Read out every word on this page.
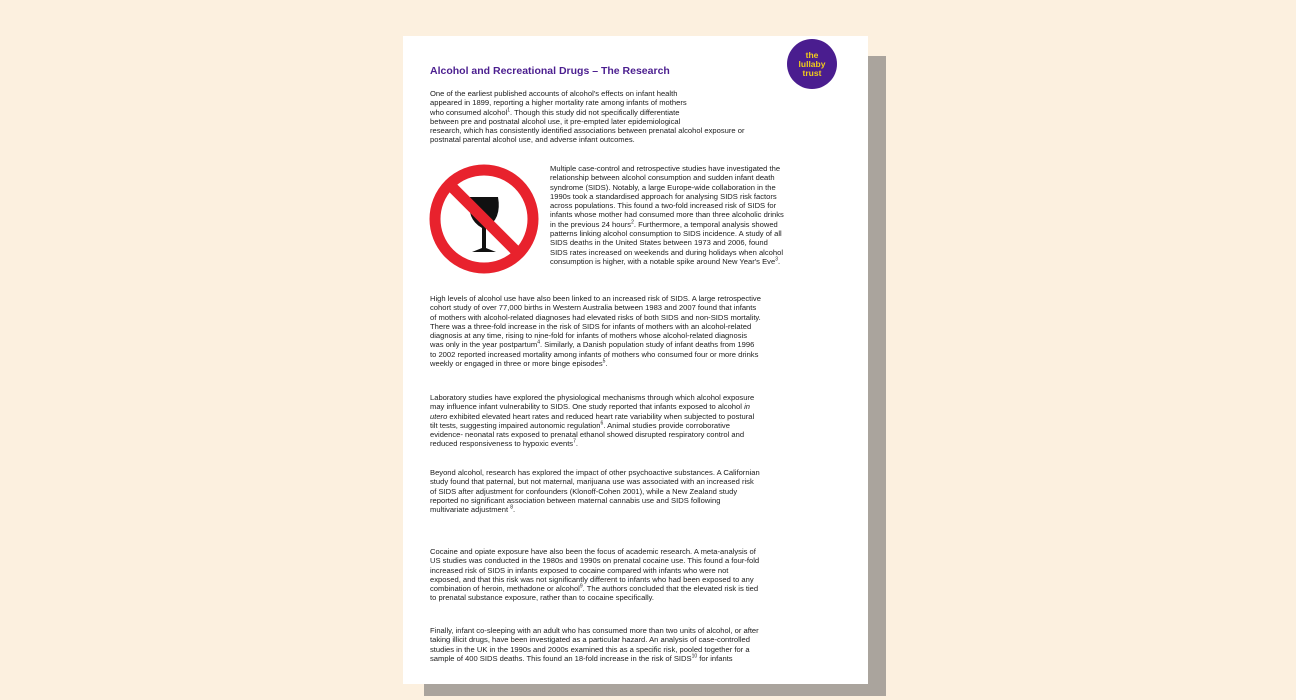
the
lullaby
trust
Alcohol and Recreational Drugs – The Research

One of the earliest published accounts of alcohol's effects on infant health
appeared in 1899, reporting a higher mortality rate among infants of mothers
who consumed alcohol$^1$. Though this study did not specifically differentiate
between pre and postnatal alcohol use, it pre-empted later epidemiological
research, which has consistently identified associations between prenatal alcohol exposure or
postnatal parental alcohol use, and adverse infant outcomes.

Multiple case-control and retrospective studies have investigated the
relationship between alcohol consumption and sudden infant death
syndrome (SIDS). Notably, a large Europe-wide collaboration in the
1990s took a standardised approach for analysing SIDS risk factors
across populations. This found a two-fold increased risk of SIDS for
infants whose mother had consumed more than three alcoholic drinks
in the previous 24 hours$^2$. Furthermore, a temporal analysis showed
patterns linking alcohol consumption to SIDS incidence. A study of all
SIDS deaths in the United States between 1973 and 2006, found
SIDS rates increased on weekends and during holidays when alcohol
consumption is higher, with a notable spike around New Year's Eve$^3$.

High levels of alcohol use have also been linked to an increased risk of SIDS. A large retrospective
cohort study of over 77,000 births in Western Australia between 1983 and 2007 found that infants
of mothers with alcohol-related diagnoses had elevated risks of both SIDS and non-SIDS mortality.
There was a three-fold increase in the risk of SIDS for infants of mothers with an alcohol-related
diagnosis at any time, rising to nine-fold for infants of mothers whose alcohol-related diagnosis
was only in the year postpartum$^4$. Similarly, a Danish population study of infant deaths from 1996
to 2002 reported increased mortality among infants of mothers who consumed four or more drinks
weekly or engaged in three or more binge episodes$^5$.

Laboratory studies have explored the physiological mechanisms through which alcohol exposure
may influence infant vulnerability to SIDS. One study reported that infants exposed to alcohol in
utero exhibited elevated heart rates and reduced heart rate variability when subjected to postural
tilt tests, suggesting impaired autonomic regulation$^6$. Animal studies provide corroborative
evidence- neonatal rats exposed to prenatal ethanol showed disrupted respiratory control and
reduced responsiveness to hypoxic events$^7$.

Beyond alcohol, research has explored the impact of other psychoactive substances. A Californian
study found that paternal, but not maternal, marijuana use was associated with an increased risk
of SIDS after adjustment for confounders (Klonoff-Cohen 2001), while a New Zealand study
reported no significant association between maternal cannabis use and SIDS following
multivariate adjustment $^8$.

Cocaine and opiate exposure have also been the focus of academic research. A meta-analysis of
US studies was conducted in the 1980s and 1990s on prenatal cocaine use. This found a four-fold
increased risk of SIDS in infants exposed to cocaine compared with infants who were not
exposed, and that this risk was not significantly different to infants who had been exposed to any
combination of heroin, methadone or alcohol$^9$. The authors concluded that the elevated risk is tied
to prenatal substance exposure, rather than to cocaine specifically.

Finally, infant co-sleeping with an adult who has consumed more than two units of alcohol, or after
taking illicit drugs, have been investigated as a particular hazard. An analysis of case-controlled
studies in the UK in the 1990s and 2000s examined this as a specific risk, pooled together for a
sample of 400 SIDS deaths. This found an 18-fold increase in the risk of SIDS$^{10}$ for infants
